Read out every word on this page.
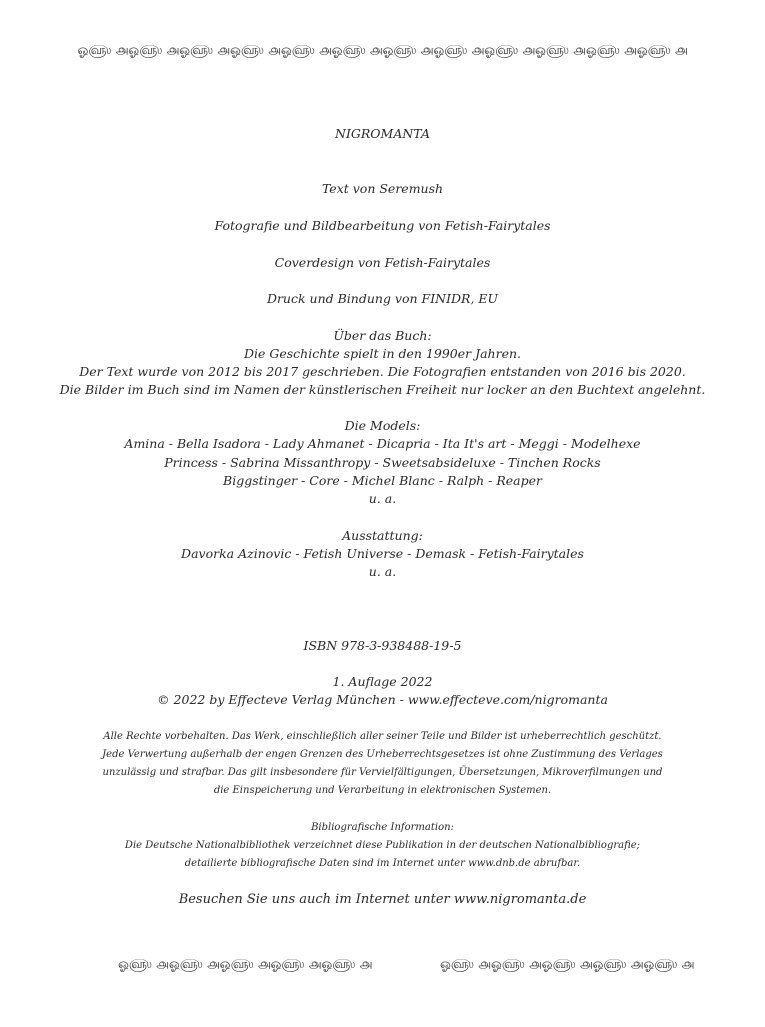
ஓ௵ ௮ஓ௵ ௮ஓ௵ ௮ஓ௵ ௮ஓ௵ ௮ஓ௵ ௮ஓ௵ ௮ஓ௵ ௮ஓ௵ ௮ஓ௵ ௮ஓ௵ ௮ஓ௵ ௮
NIGROMANTA
Text von Seremush
Fotografie und Bildbearbeitung von Fetish-Fairytales
Coverdesign von Fetish-Fairytales
Druck und Bindung von FINIDR, EU
Über das Buch:
Die Geschichte spielt in den 1990er Jahren.
Der Text wurde von 2012 bis 2017 geschrieben. Die Fotografien entstanden von 2016 bis 2020.
Die Bilder im Buch sind im Namen der künstlerischen Freiheit nur locker an den Buchtext angelehnt.
Die Models:
Amina - Bella Isadora - Lady Ahmanet - Dicapria - Ita It's art - Meggi - Modelhexe
Princess - Sabrina Missanthropy - Sweetsabsideluxe - Tinchen Rocks
Biggstinger - Core - Michel Blanc - Ralph - Reaper
u. a.
Ausstattung:
Davorka Azinovic - Fetish Universe - Demask - Fetish-Fairytales
u. a.
ISBN 978-3-938488-19-5
1. Auflage 2022
© 2022 by Effecteve Verlag München - www.effecteve.com/nigromanta
Alle Rechte vorbehalten. Das Werk, einschließlich aller seiner Teile und Bilder ist urheberrechtlich geschützt.
Jede Verwertung außerhalb der engen Grenzen des Urheberrechtsgesetzes ist ohne Zustimmung des Verlages
unzulässig und strafbar. Das gilt insbesondere für Vervielfältigungen, Übersetzungen, Mikroverfilmungen und
die Einspeicherung und Verarbeitung in elektronischen Systemen.
Bibliografische Information:
Die Deutsche Nationalbibliothek verzeichnet diese Publikation in der deutschen Nationalbibliografie;
detailierte bibliografische Daten sind im Internet unter www.dnb.de abrufbar.
Besuchen Sie uns auch im Internet unter www.nigromanta.de
ஓ௵ ௮ஓ௵ ௮ஓ௵ ௮ஓ௵ ௮ஓ௵ ௮	ஓ௵ ௮ஓ௵ ௮ஓ௵ ௮ஓ௵ ௮ஓ௵ ௮
